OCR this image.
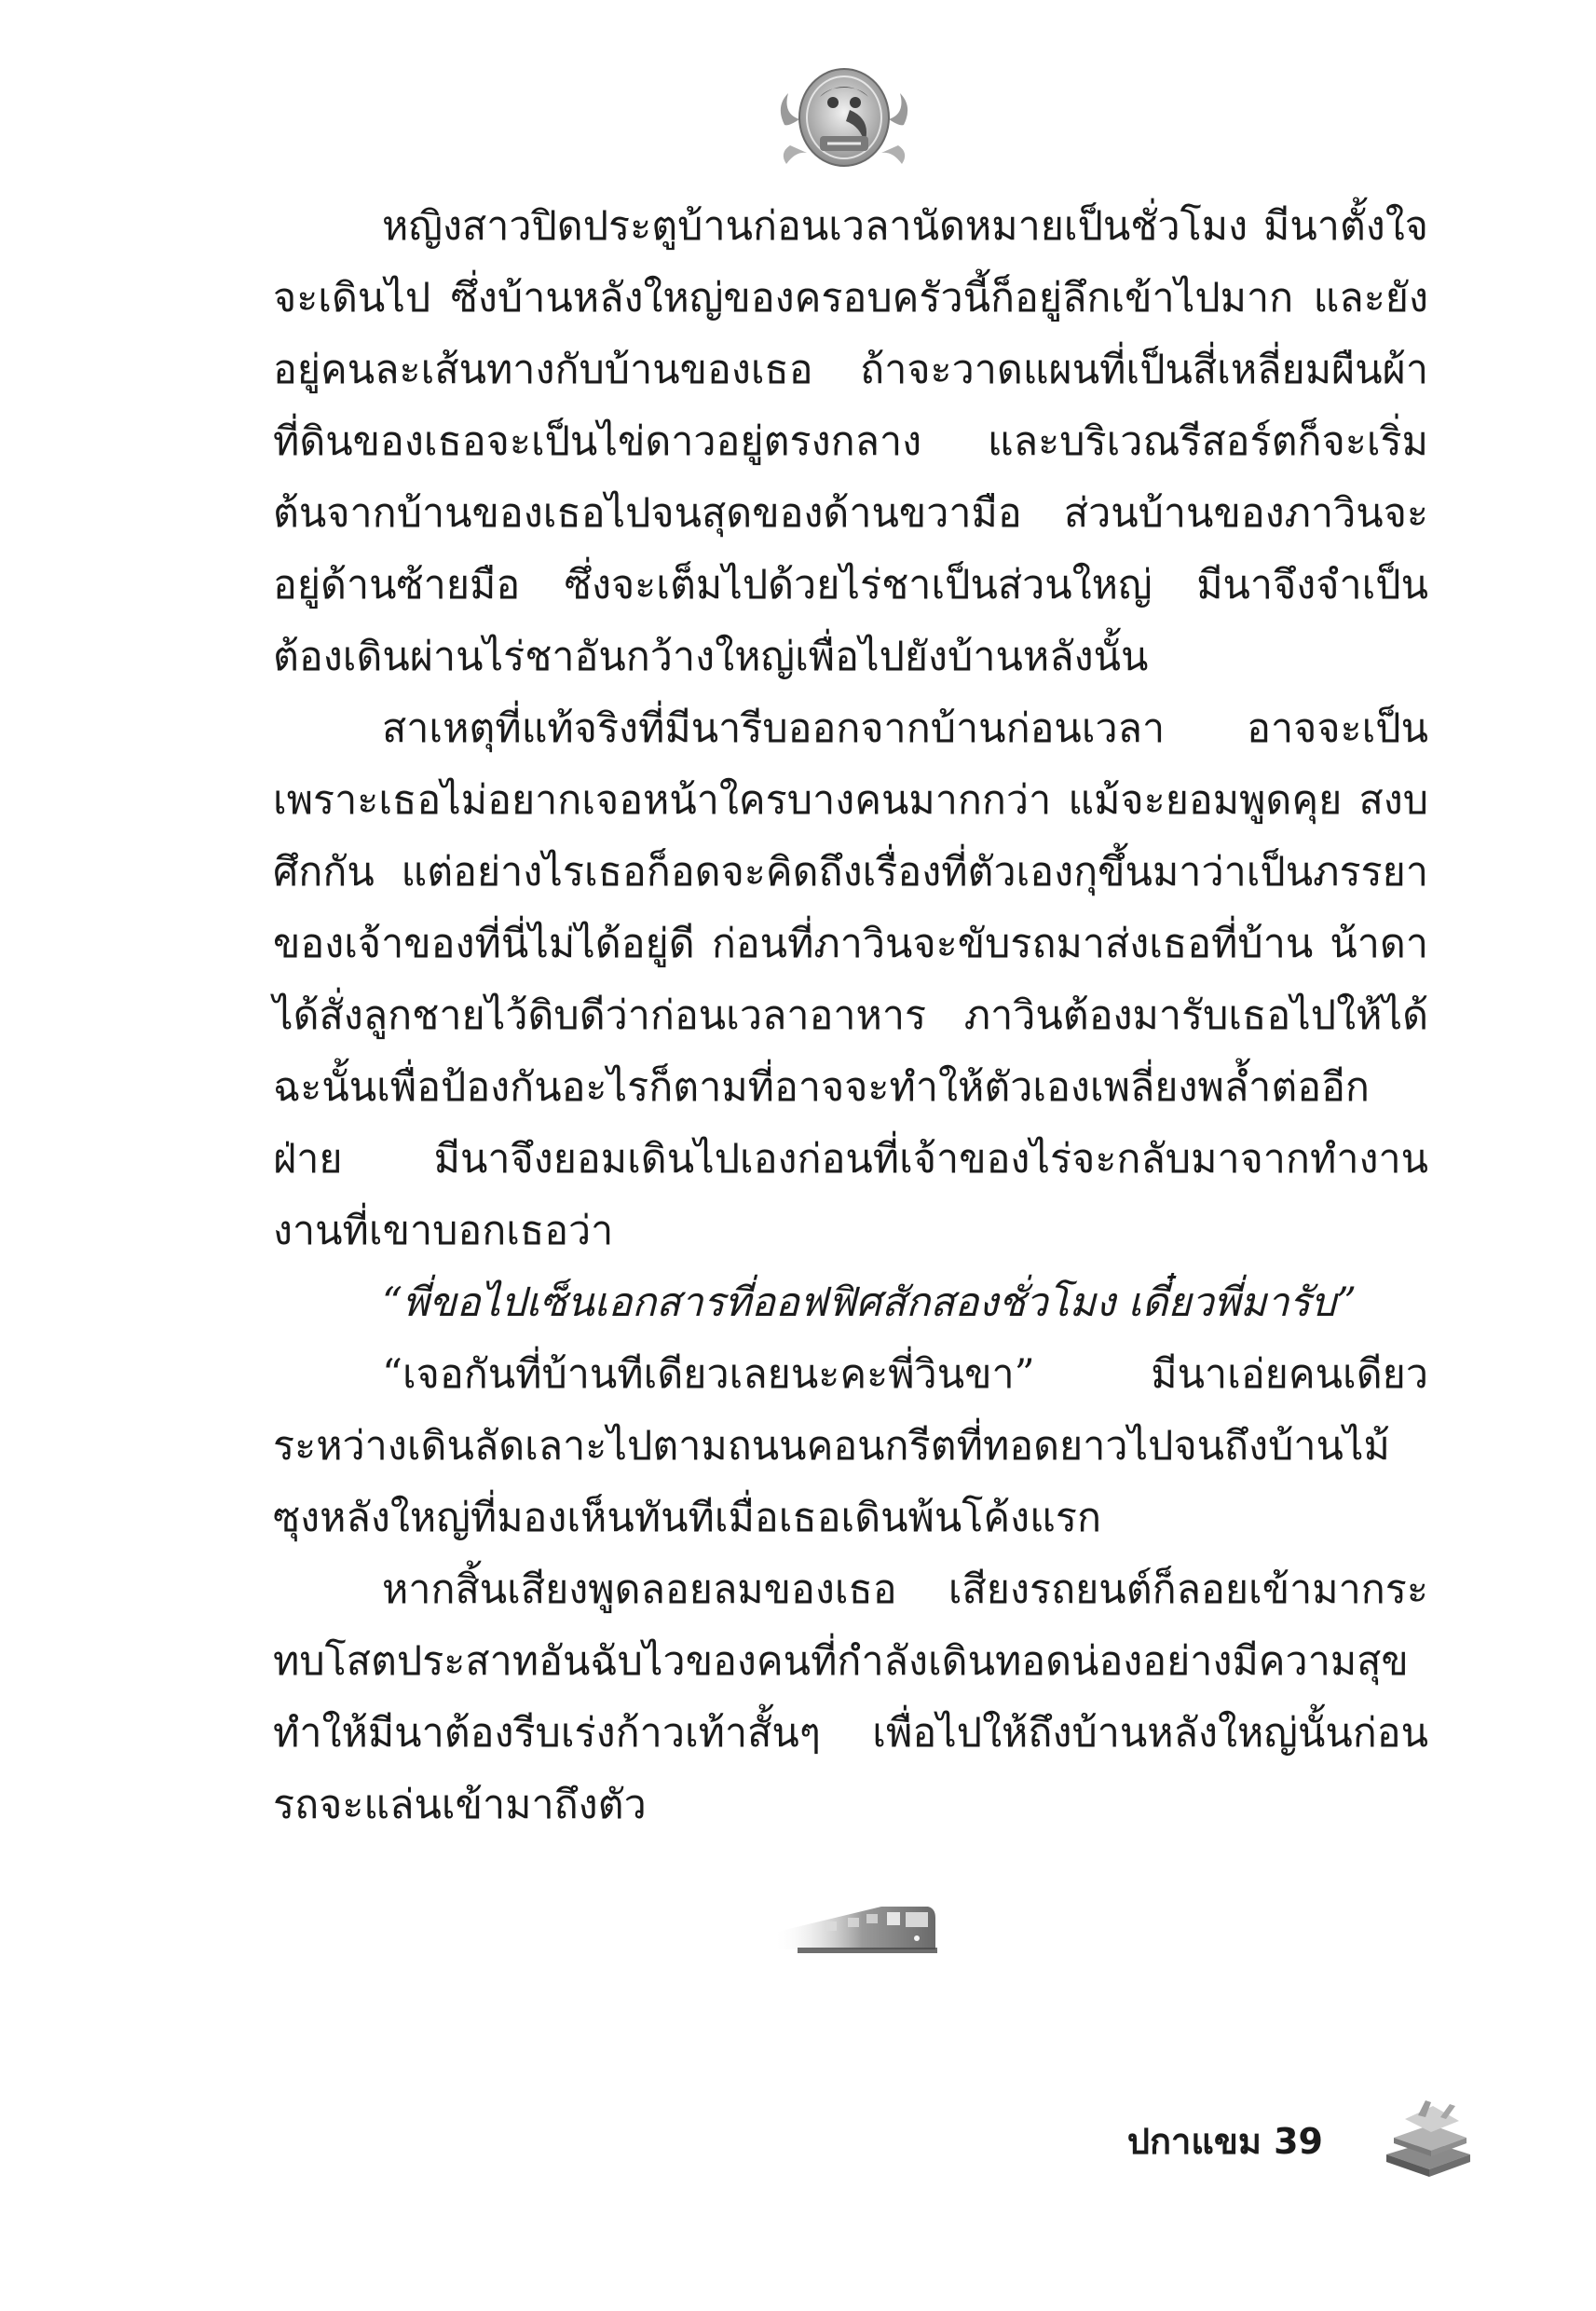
หญิงสาวปิดประตูบ้านก่อนเวลานัดหมายเป็นชั่วโมง มีนาตั้งใจจะเดินไป ซึ่งบ้านหลังใหญ่ของครอบครัวนี้ก็อยู่ลึกเข้าไปมาก และยังอยู่คนละเส้นทางกับบ้านของเธอ ถ้าจะวาดแผนที่เป็นสี่เหลี่ยมผืนผ้า ที่ดินของเธอจะเป็นไข่ดาวอยู่ตรงกลาง และบริเวณรีสอร์ตก็จะเริ่มต้นจากบ้านของเธอไปจนสุดของด้านขวามือ ส่วนบ้านของภาวินจะอยู่ด้านซ้ายมือ ซึ่งจะเต็มไปด้วยไร่ชาเป็นส่วนใหญ่ มีนาจึงจำเป็นต้องเดินผ่านไร่ชาอันกว้างใหญ่เพื่อไปยังบ้านหลังนั้น

สาเหตุที่แท้จริงที่มีนารีบออกจากบ้านก่อนเวลา อาจจะเป็นเพราะเธอไม่อยากเจอหน้าใครบางคนมากกว่า แม้จะยอมพูดคุย สงบศึกกัน แต่อย่างไรเธอก็อดจะคิดถึงเรื่องที่ตัวเองกุขึ้นมาว่าเป็นภรรยาของเจ้าของที่นี่ไม่ได้อยู่ดี ก่อนที่ภาวินจะขับรถมาส่งเธอที่บ้าน น้าดาได้สั่งลูกชายไว้ดิบดีว่าก่อนเวลาอาหาร ภาวินต้องมารับเธอไปให้ได้ ฉะนั้นเพื่อป้องกันอะไรก็ตามที่อาจจะทำให้ตัวเองเพลี่ยงพล้ำต่ออีกฝ่าย มีนาจึงยอมเดินไปเองก่อนที่เจ้าของไร่จะกลับมาจากทำงาน งานที่เขาบอกเธอว่า

“พี่ขอไปเซ็นเอกสารที่ออฟฟิศสักสองชั่วโมง เดี๋ยวพี่มารับ”

“เจอกันที่บ้านทีเดียวเลยนะคะพี่วินขา” มีนาเอ่ยคนเดียวระหว่างเดินลัดเลาะไปตามถนนคอนกรีตที่ทอดยาวไปจนถึงบ้านไม้ซุงหลังใหญ่ที่มองเห็นทันทีเมื่อเธอเดินพ้นโค้งแรก

หากสิ้นเสียงพูดลอยลมของเธอ เสียงรถยนต์ก็ลอยเข้ามากระทบโสตประสาทอันฉับไวของคนที่กำลังเดินทอดน่องอย่างมีความสุข ทำให้มีนาต้องรีบเร่งก้าวเท้าสั้นๆ เพื่อไปให้ถึงบ้านหลังใหญ่นั้นก่อนรถจะแล่นเข้ามาถึงตัว

ปกาแขม 39
